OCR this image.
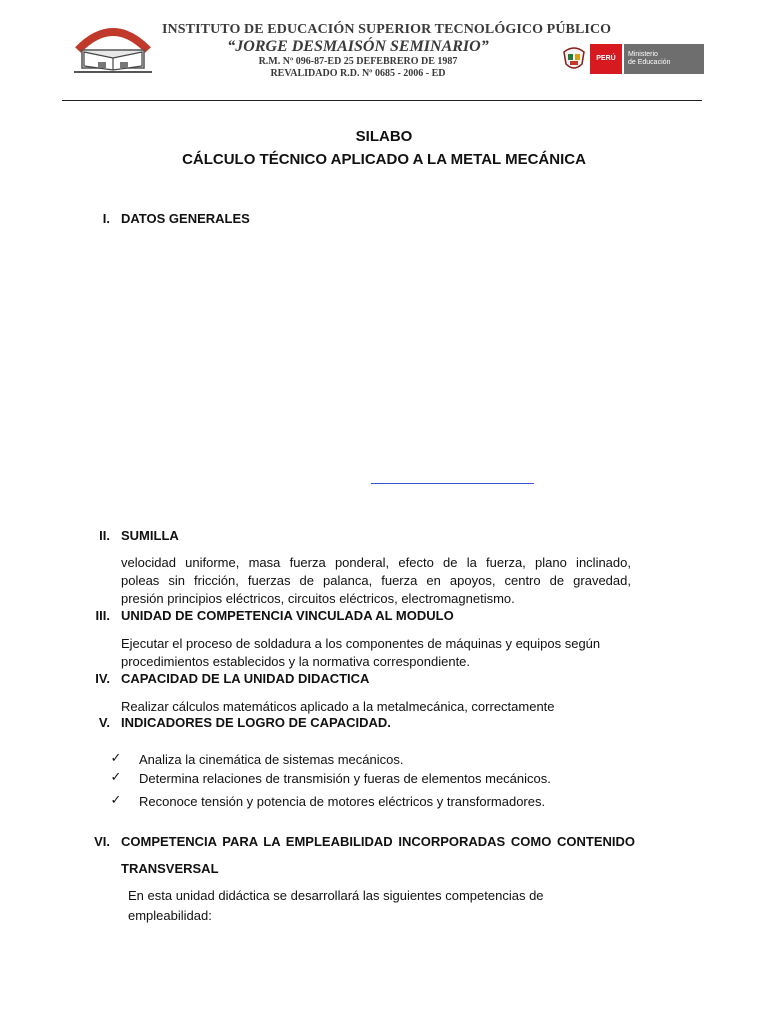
INSTITUTO DE EDUCACIÓN SUPERIOR TECNOLÓGICO PÚBLICO
“JORGE DESMAISÓN SEMINARIO”
R.M. Nº 096-87-ED 25 DEFEBRERO DE 1987
REVALIDADO R.D. Nº 0685 - 2006 - ED
PERÚ
Ministerio
de Educación
SILABO
CÁLCULO TÉCNICO APLICADO A LA METAL MECÁNICA
I. DATOS GENERALES
II. SUMILLA
velocidad uniforme, masa fuerza ponderal, efecto de la fuerza, plano inclinado,
poleas sin fricción, fuerzas de palanca, fuerza en apoyos, centro de gravedad,
presión principios eléctricos, circuitos eléctricos, electromagnetismo.
III. UNIDAD DE COMPETENCIA VINCULADA AL MODULO
Ejecutar el proceso de soldadura a los componentes de máquinas y equipos según
procedimientos establecidos y la normativa correspondiente.
IV. CAPACIDAD DE LA UNIDAD DIDACTICA
Realizar cálculos matemáticos aplicado a la metalmecánica, correctamente
V. INDICADORES DE LOGRO DE CAPACIDAD.
✓ Analiza la cinemática de sistemas mecánicos.
✓ Determina relaciones de transmisión y fueras de elementos mecánicos.
✓ Reconoce tensión y potencia de motores eléctricos y transformadores.
VI. COMPETENCIA PARA LA EMPLEABILIDAD INCORPORADAS COMO CONTENIDO
TRANSVERSAL
En esta unidad didáctica se desarrollará las siguientes competencias de
empleabilidad:
